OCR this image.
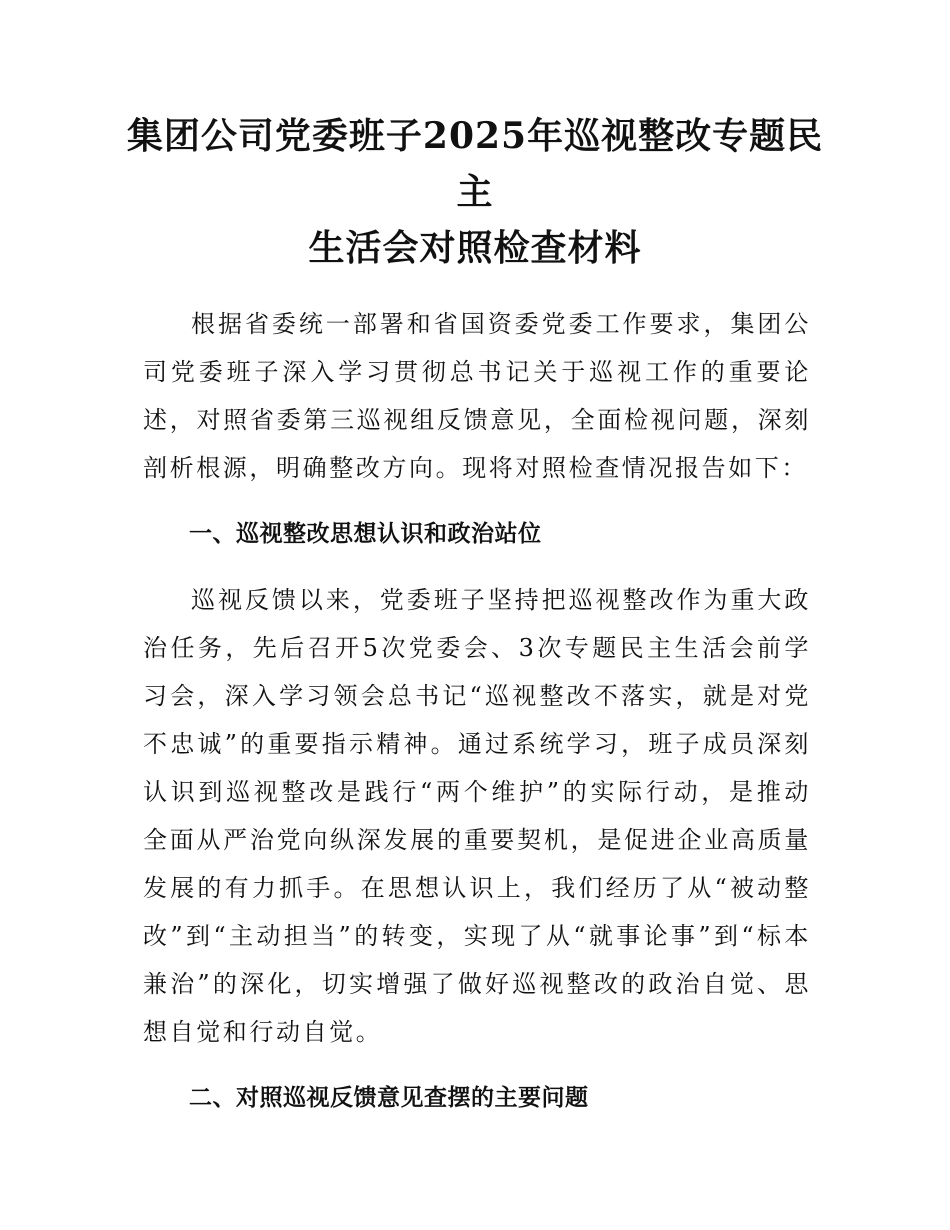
集团公司党委班子2025年巡视整改专题民主
生活会对照检查材料

根据省委统一部署和省国资委党委工作要求，集团公司党委班子深入学习贯彻总书记关于巡视工作的重要论述，对照省委第三巡视组反馈意见，全面检视问题，深刻剖析根源，明确整改方向。现将对照检查情况报告如下：

一、巡视整改思想认识和政治站位

巡视反馈以来，党委班子坚持把巡视整改作为重大政治任务，先后召开5次党委会、3次专题民主生活会前学习会，深入学习领会总书记“巡视整改不落实，就是对党不忠诚”的重要指示精神。通过系统学习，班子成员深刻认识到巡视整改是践行“两个维护”的实际行动，是推动全面从严治党向纵深发展的重要契机，是促进企业高质量发展的有力抓手。在思想认识上，我们经历了从“被动整改”到“主动担当”的转变，实现了从“就事论事”到“标本兼治”的深化，切实增强了做好巡视整改的政治自觉、思想自觉和行动自觉。

二、对照巡视反馈意见查摆的主要问题
